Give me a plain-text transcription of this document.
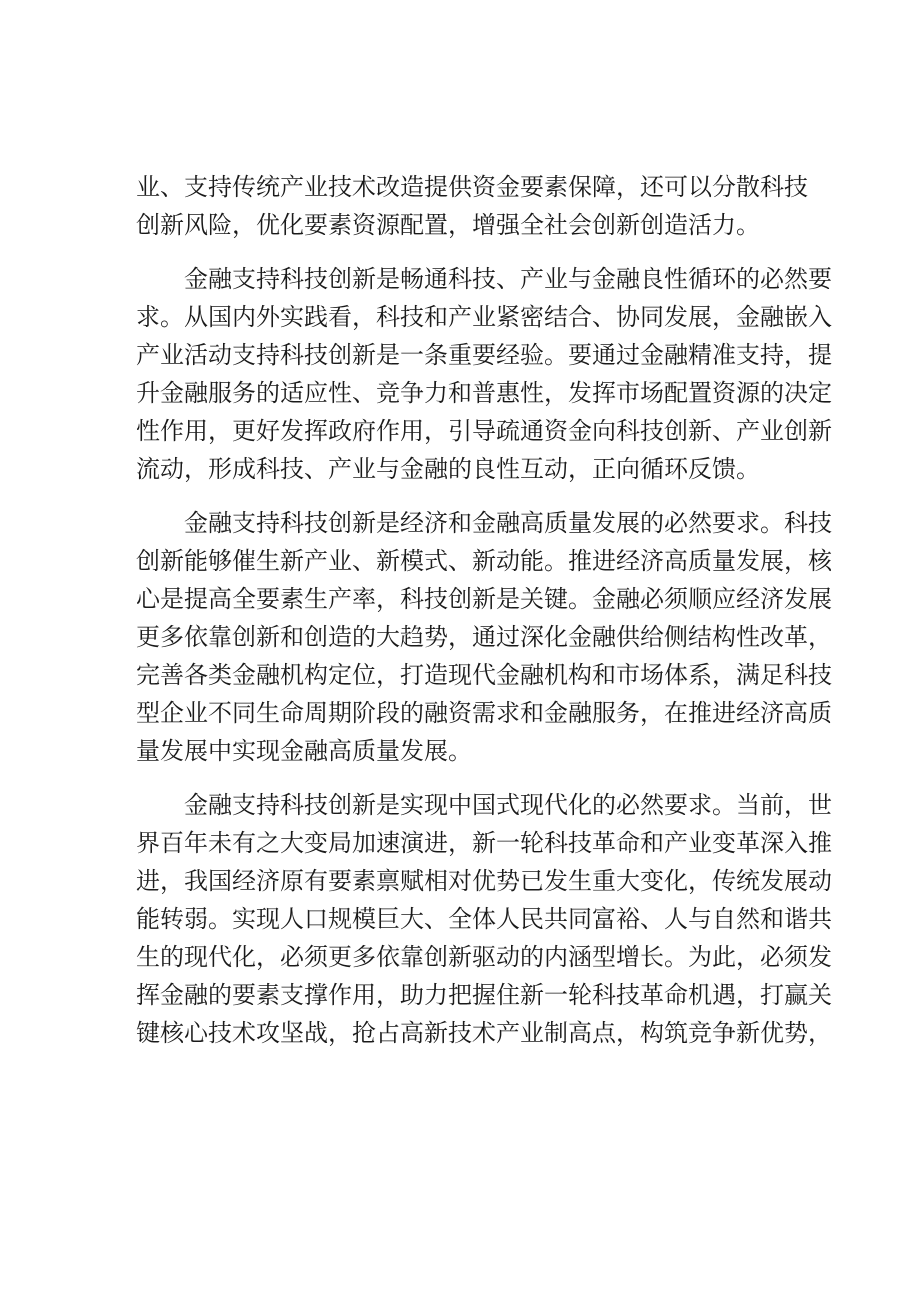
业、支持传统产业技术改造提供资金要素保障，还可以分散科技
创新风险，优化要素资源配置，增强全社会创新创造活力。
　　金融支持科技创新是畅通科技、产业与金融良性循环的必然要
求。从国内外实践看，科技和产业紧密结合、协同发展，金融嵌入
产业活动支持科技创新是一条重要经验。要通过金融精准支持，提
升金融服务的适应性、竞争力和普惠性，发挥市场配置资源的决定
性作用，更好发挥政府作用，引导疏通资金向科技创新、产业创新
流动，形成科技、产业与金融的良性互动，正向循环反馈。
　　金融支持科技创新是经济和金融高质量发展的必然要求。科技
创新能够催生新产业、新模式、新动能。推进经济高质量发展，核
心是提高全要素生产率，科技创新是关键。金融必须顺应经济发展
更多依靠创新和创造的大趋势，通过深化金融供给侧结构性改革，
完善各类金融机构定位，打造现代金融机构和市场体系，满足科技
型企业不同生命周期阶段的融资需求和金融服务，在推进经济高质
量发展中实现金融高质量发展。
　　金融支持科技创新是实现中国式现代化的必然要求。当前，世
界百年未有之大变局加速演进，新一轮科技革命和产业变革深入推
进，我国经济原有要素禀赋相对优势已发生重大变化，传统发展动
能转弱。实现人口规模巨大、全体人民共同富裕、人与自然和谐共
生的现代化，必须更多依靠创新驱动的内涵型增长。为此，必须发
挥金融的要素支撑作用，助力把握住新一轮科技革命机遇，打赢关
键核心技术攻坚战，抢占高新技术产业制高点，构筑竞争新优势，
